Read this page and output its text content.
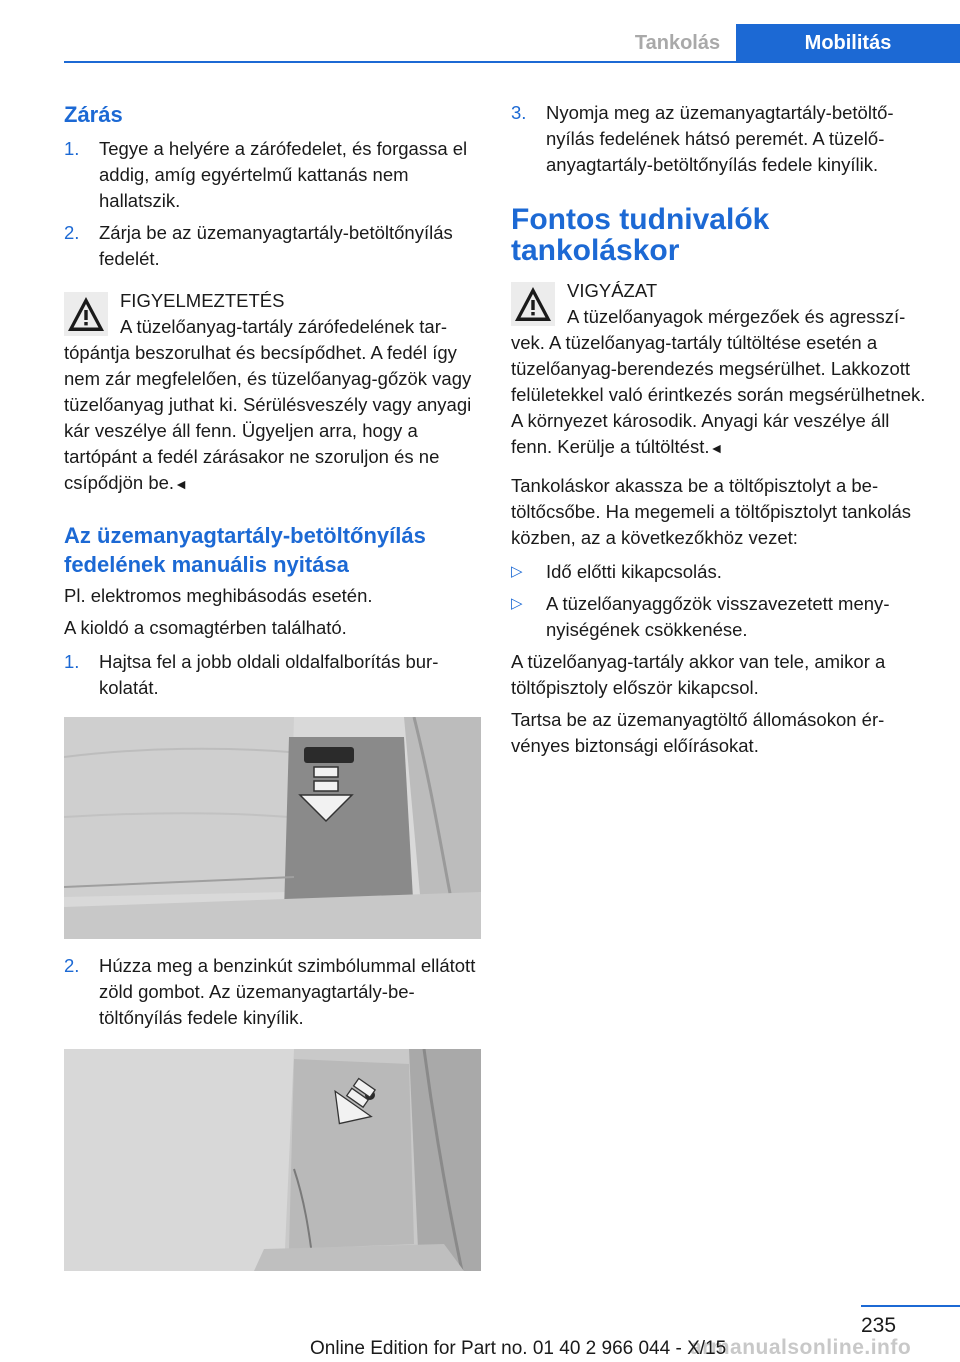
Tankolás	Mobilitás
Zárás
1. Tegye a helyére a zárófedelet, és forgassa el addig, amíg egyértelmű kattanás nem hallatszik.
2. Zárja be az üzemanyagtartály-betöltőnyílás fedelét.
FIGYELMEZTETÉS
A tüzelőanyag-tartály zárófedelének tartópántja beszorulhat és becsípődhet. A fedél így nem zár megfelelően, és tüzelőanyag-gőzök vagy tüzelőanyag juthat ki. Sérülésveszély vagy anyagi kár veszélye áll fenn. Ügyeljen arra, hogy a tartópánt a fedél zárásakor ne szoruljon és ne csípődjön be.◄
Az üzemanyagtartály-betöltőnyílás fedelének manuális nyitása

Pl. elektromos meghibásodás esetén.

A kioldó a csomagtérben található.

1. Hajtsa fel a jobb oldali oldalfalborítás burkolatát.
2. Húzza meg a benzinkút szimbólummal ellátott zöld gombot. Az üzemanyagtartály-betöltőnyílás fedele kinyílik.
3. Nyomja meg az üzemanyagtartály-betöltőnyílás fedelének hátsó peremét. A tüzelőanyagtartály-betöltőnyílás fedele kinyílik.
Fontos tudnivalók tankoláskor
VIGYÁZAT
A tüzelőanyagok mérgezőek és agresszívek. A tüzelőanyag-tartály túltöltése esetén a tüzelőanyag-berendezés megsérülhet. Lakkozott felületekkel való érintkezés során megsérülhetnek. A környezet károsodik. Anyagi kár veszélye áll fenn. Kerülje a túltöltést.◄

Tankoláskor akassza be a töltőpisztolyt a betöltőcsőbe. Ha megemeli a töltőpisztolyt tankolás közben, az a következőkhöz vezet:

▷ Idő előtti kikapcsolás.
▷ A tüzelőanyaggőzök visszavezetett menynyiségének csökkenése.

A tüzelőanyag-tartály akkor van tele, amikor a töltőpisztoly először kikapcsol.

Tartsa be az üzemanyagtöltő állomásokon érvényes biztonsági előírásokat.

235
armanualsonline.info
Online Edition for Part no. 01 40 2 966 044 - X/15
